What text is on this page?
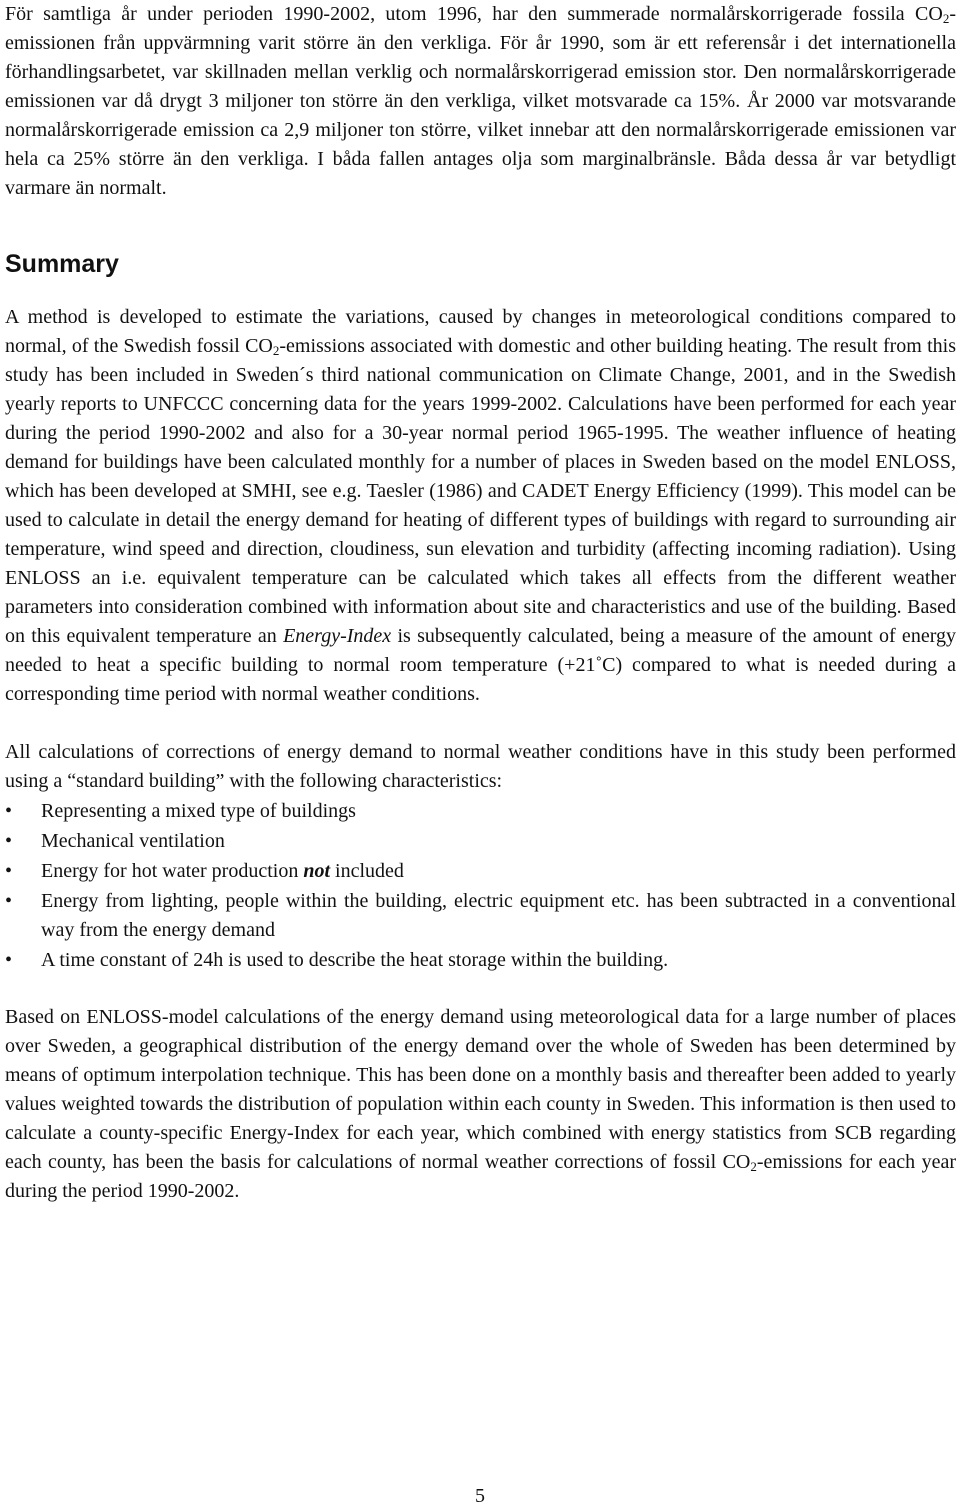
För samtliga år under perioden 1990-2002, utom 1996, har den summerade normalårskorrigerade fossila $CO_2$-emissionen från uppvärmning varit större än den verkliga. För år 1990, som är ett referensår i det internationella förhandlingsarbetet, var skillnaden mellan verklig och normalårskorrigerad emission stor. Den normalårskorrigerade emissionen var då drygt 3 miljoner ton större än den verkliga, vilket motsvarade ca 15%. År 2000 var motsvarande normalårskorrigerade emission ca 2,9 miljoner ton större, vilket innebar att den normalårskorrigerade emissionen var hela ca 25% större än den verkliga. I båda fallen antages olja som marginalbränsle. Båda dessa år var betydligt varmare än normalt.

Summary

A method is developed to estimate the variations, caused by changes in meteorological conditions compared to normal, of the Swedish fossil $CO_2$-emissions associated with domestic and other building heating. The result from this study has been included in Sweden´s third national communication on Climate Change, 2001, and in the Swedish yearly reports to UNFCCC concerning data for the years 1999-2002. Calculations have been performed for each year during the period 1990-2002 and also for a 30-year normal period 1965-1995. The weather influence of heating demand for buildings have been calculated monthly for a number of places in Sweden based on the model ENLOSS, which has been developed at SMHI, see e.g. Taesler (1986) and CADET Energy Efficiency (1999). This model can be used to calculate in detail the energy demand for heating of different types of buildings with regard to surrounding air temperature, wind speed and direction, cloudiness, sun elevation and turbidity (affecting incoming radiation). Using ENLOSS an i.e. equivalent temperature can be calculated which takes all effects from the different weather parameters into consideration combined with information about site and characteristics and use of the building. Based on this equivalent temperature an Energy-Index is subsequently calculated, being a measure of the amount of energy needed to heat a specific building to normal room temperature (+21˚C) compared to what is needed during a corresponding time period with normal weather conditions.

All calculations of corrections of energy demand to normal weather conditions have in this study been performed using a “standard building” with the following characteristics:

• Representing a mixed type of buildings
• Mechanical ventilation
• Energy for hot water production not included
• Energy from lighting, people within the building, electric equipment etc. has been subtracted in a conventional way from the energy demand
• A time constant of 24h is used to describe the heat storage within the building.

Based on ENLOSS-model calculations of the energy demand using meteorological data for a large number of places over Sweden, a geographical distribution of the energy demand over the whole of Sweden has been determined by means of optimum interpolation technique. This has been done on a monthly basis and thereafter been added to yearly values weighted towards the distribution of population within each county in Sweden. This information is then used to calculate a county-specific Energy-Index for each year, which combined with energy statistics from SCB regarding each county, has been the basis for calculations of normal weather corrections of fossil $CO_2$-emissions for each year during the period 1990-2002.

5
